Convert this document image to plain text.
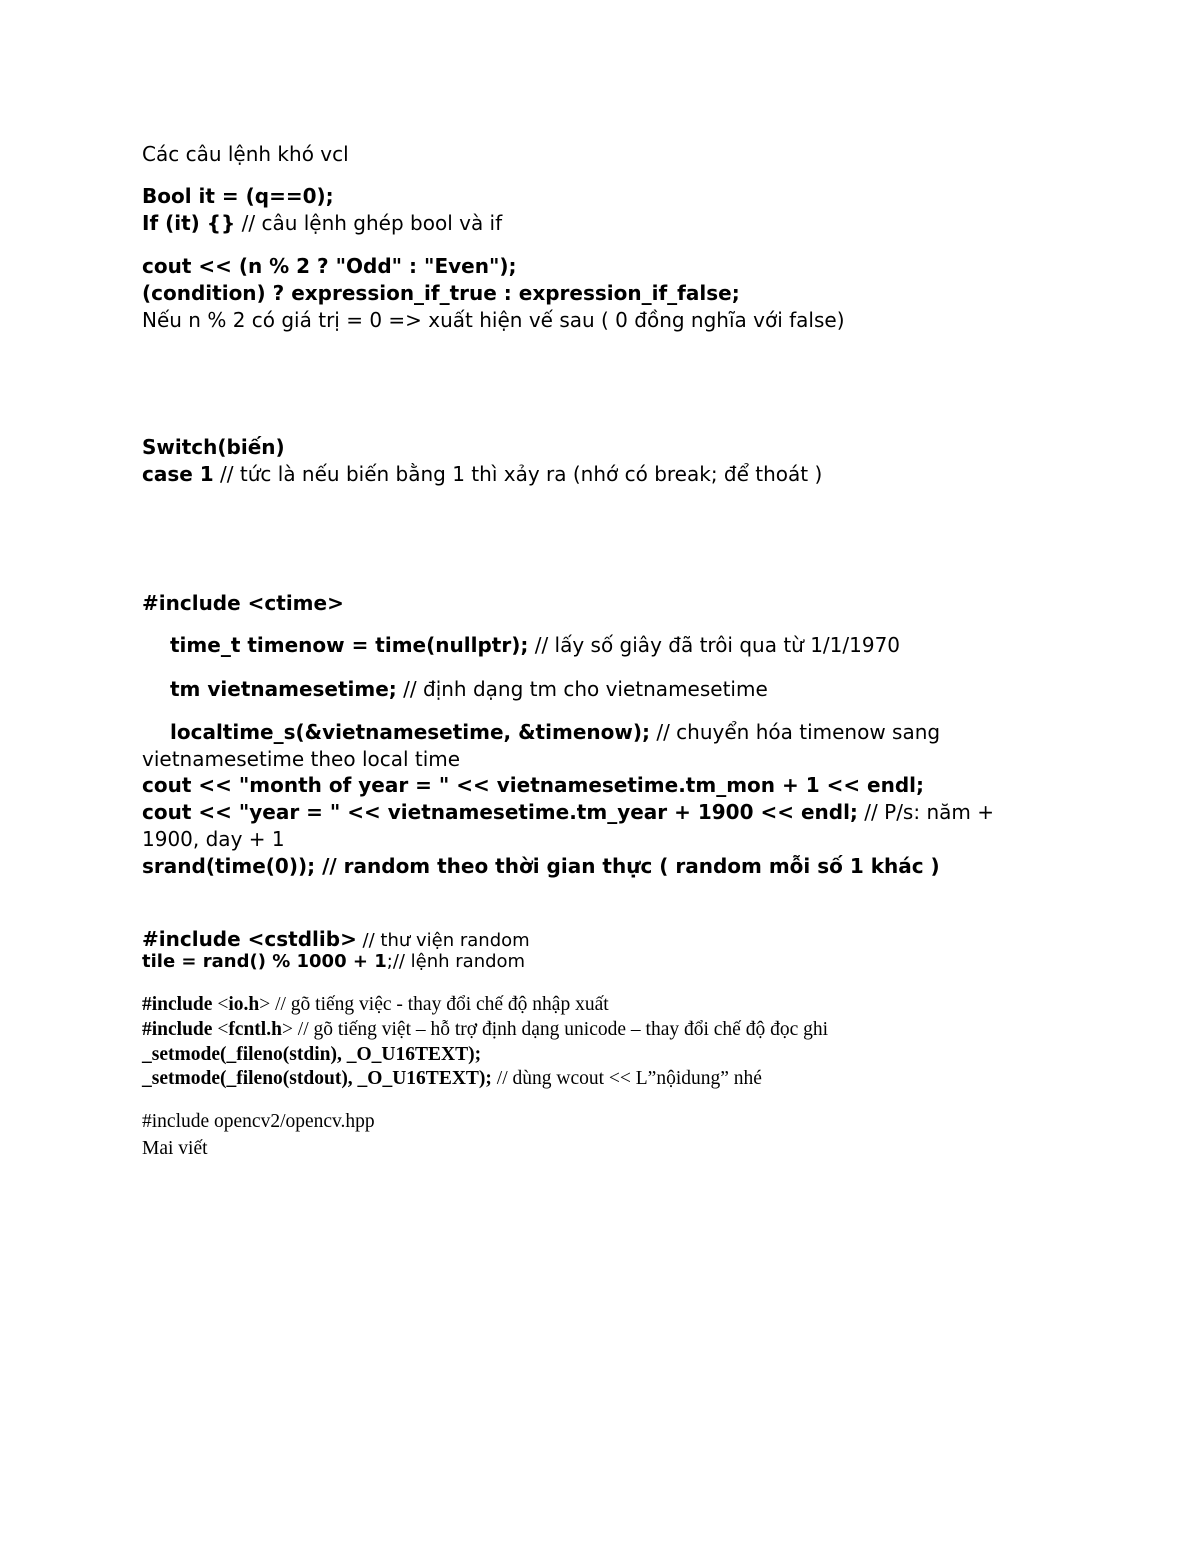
Các câu lệnh khó vcl
Bool it = (q==0);
If (it) {} // câu lệnh ghép bool và if
cout << (n % 2 ? "Odd" : "Even");
(condition) ? expression_if_true : expression_if_false;
Nếu n % 2 có giá trị = 0 => xuất hiện vế sau ( 0 đồng nghĩa với false)
Switch(biến)
case 1 // tức là nếu biến bằng 1 thì xảy ra (nhớ có break; để thoát )
#include <ctime>
time_t timenow = time(nullptr); // lấy số giây đã trôi qua từ 1/1/1970
tm vietnamesetime; // định dạng tm cho vietnamesetime
localtime_s(&vietnamesetime, &timenow); // chuyển hóa timenow sang vietnamesetime theo local time
cout << "month of year = " << vietnamesetime.tm_mon + 1 << endl;
cout << "year = " << vietnamesetime.tm_year + 1900 << endl; // P/s: năm + 1900, day + 1
srand(time(0)); // random theo thời gian thực ( random mỗi số 1 khác )
#include <cstdlib> // thư viện random
tile = rand() % 1000 + 1;// lệnh random
#include <io.h> // gõ tiếng việc - thay đổi chế độ nhập xuất
#include <fcntl.h> // gõ tiếng việt – hỗ trợ định dạng unicode – thay đổi chế độ đọc ghi
_setmode(_fileno(stdin), _O_U16TEXT);
_setmode(_fileno(stdout), _O_U16TEXT); // dùng wcout << L”nộidung” nhé
#include opencv2/opencv.hpp
Mai viết
